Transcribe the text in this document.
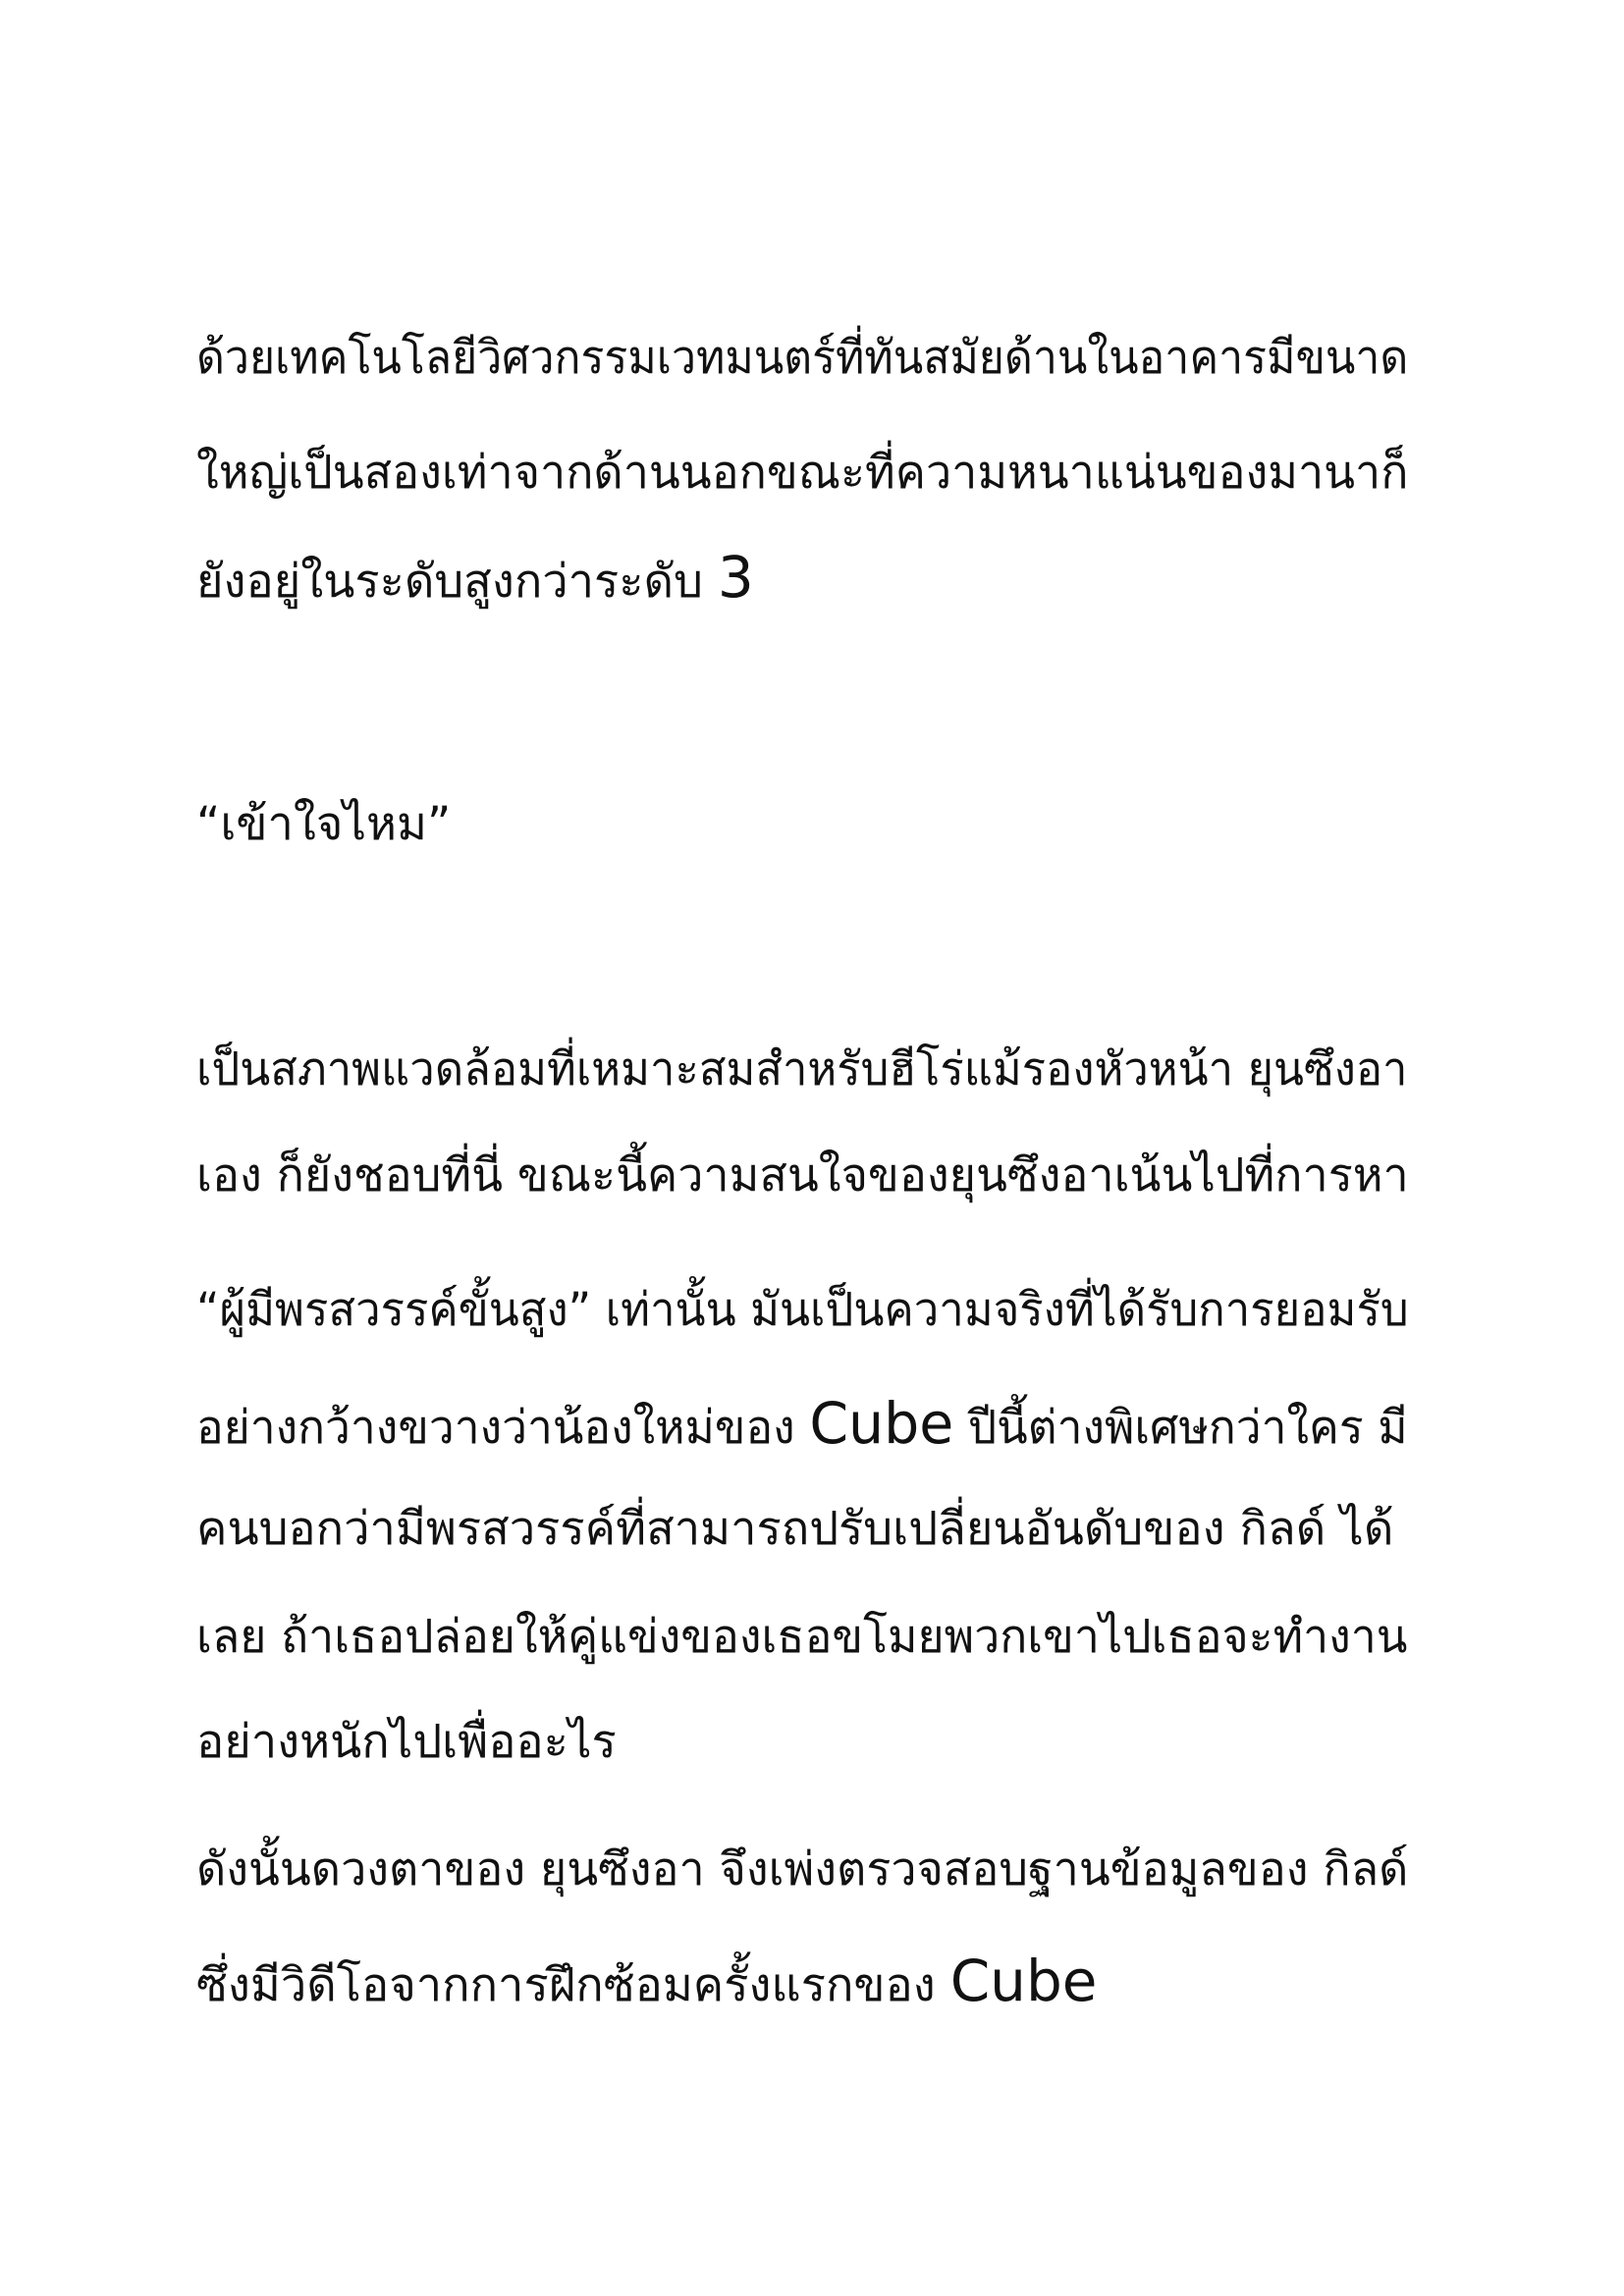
ด้วยเทคโนโลยีวิศวกรรมเวทมนตร์ที่ทันสมัยด้านในอาคารมีขนาด
ใหญ่เป็นสองเท่าจากด้านนอกขณะที่ความหนาแน่นของมานาก็
ยังอยู่ในระดับสูงกว่าระดับ 3
“เข้าใจไหม”
เป็นสภาพแวดล้อมที่เหมาะสมสำหรับฮีโร่แม้รองหัวหน้า ยุนซึงอา
เอง ก็ยังชอบที่นี่ ขณะนี้ความสนใจของยุนซึงอาเน้นไปที่การหา
“ผู้มีพรสวรรค์ขั้นสูง” เท่านั้น มันเป็นความจริงที่ได้รับการยอมรับ
อย่างกว้างขวางว่าน้องใหม่ของ Cube ปีนี้ต่างพิเศษกว่าใคร มี
คนบอกว่ามีพรสวรรค์ที่สามารถปรับเปลี่ยนอันดับของ กิลด์ ได้
เลย ถ้าเธอปล่อยให้คู่แข่งของเธอขโมยพวกเขาไปเธอจะทำงาน
อย่างหนักไปเพื่ออะไร
ดังนั้นดวงตาของ ยุนซึงอา จึงเพ่งตรวจสอบฐานข้อมูลของ กิลด์
ซึ่งมีวิดีโอจากการฝึกซ้อมครั้งแรกของ Cube
